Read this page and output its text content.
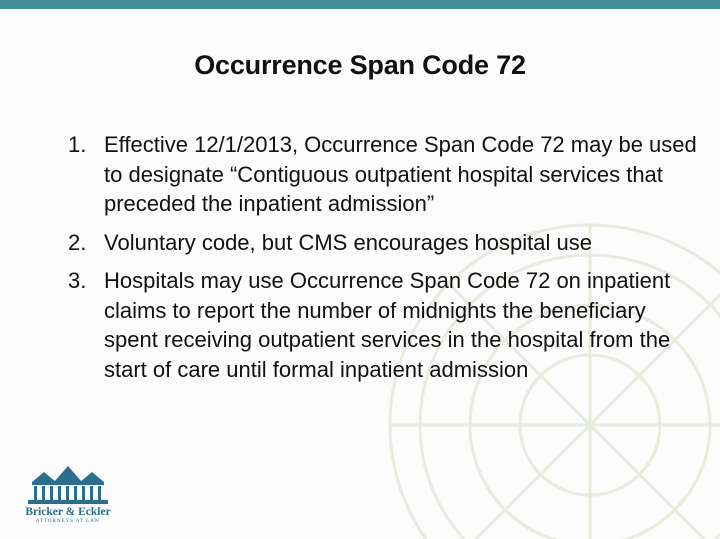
Occurrence Span Code 72
1. Effective 12/1/2013, Occurrence Span Code 72 may be used to designate “Contiguous outpatient hospital services that preceded the inpatient admission”
2. Voluntary code, but CMS encourages hospital use
3. Hospitals may use Occurrence Span Code 72 on inpatient claims to report the number of midnights the beneficiary spent receiving outpatient services in the hospital from the start of care until formal inpatient admission
Bricker & Eckler
ATTORNEYS AT LAW
